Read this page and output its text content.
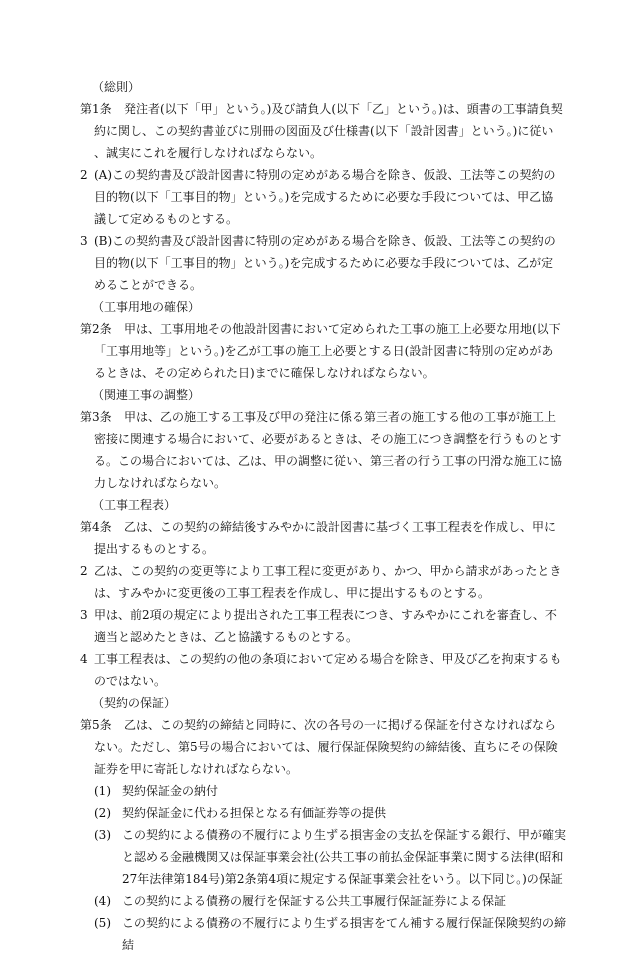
（総則）
第1条 発注者(以下「甲」という。)及び請負人(以下「乙」という。)は、頭書の工事請負契約に関し、この契約書並びに別冊の図面及び仕様書(以下「設計図書」という。)に従い、誠実にこれを履行しなければならない。
2 (A)この契約書及び設計図書に特別の定めがある場合を除き、仮設、工法等この契約の目的物(以下「工事目的物」という。)を完成するために必要な手段については、甲乙協議して定めるものとする。
3 (B)この契約書及び設計図書に特別の定めがある場合を除き、仮設、工法等この契約の目的物(以下「工事目的物」という。)を完成するために必要な手段については、乙が定めることができる。
（工事用地の確保）
第2条 甲は、工事用地その他設計図書において定められた工事の施工上必要な用地(以下「工事用地等」という。)を乙が工事の施工上必要とする日(設計図書に特別の定めがあるときは、その定められた日)までに確保しなければならない。
（関連工事の調整）
第3条 甲は、乙の施工する工事及び甲の発注に係る第三者の施工する他の工事が施工上密接に関連する場合において、必要があるときは、その施工につき調整を行うものとする。この場合においては、乙は、甲の調整に従い、第三者の行う工事の円滑な施工に協力しなければならない。
（工事工程表）
第4条 乙は、この契約の締結後すみやかに設計図書に基づく工事工程表を作成し、甲に提出するものとする。
2 乙は、この契約の変更等により工事工程に変更があり、かつ、甲から請求があったときは、すみやかに変更後の工事工程表を作成し、甲に提出するものとする。
3 甲は、前2項の規定により提出された工事工程表につき、すみやかにこれを審査し、不適当と認めたときは、乙と協議するものとする。
4 工事工程表は、この契約の他の条項において定める場合を除き、甲及び乙を拘束するものではない。
（契約の保証）
第5条 乙は、この契約の締結と同時に、次の各号の一に掲げる保証を付さなければならない。ただし、第5号の場合においては、履行保証保険契約の締結後、直ちにその保険証券を甲に寄託しなければならない。
(1) 契約保証金の納付
(2) 契約保証金に代わる担保となる有価証券等の提供
(3) この契約による債務の不履行により生ずる損害金の支払を保証する銀行、甲が確実と認める金融機関又は保証事業会社(公共工事の前払金保証事業に関する法律(昭和27年法律第184号)第2条第4項に規定する保証事業会社をいう。以下同じ。)の保証
(4) この契約による債務の履行を保証する公共工事履行保証証券による保証
(5) この契約による債務の不履行により生ずる損害をてん補する履行保証保険契約の締結
